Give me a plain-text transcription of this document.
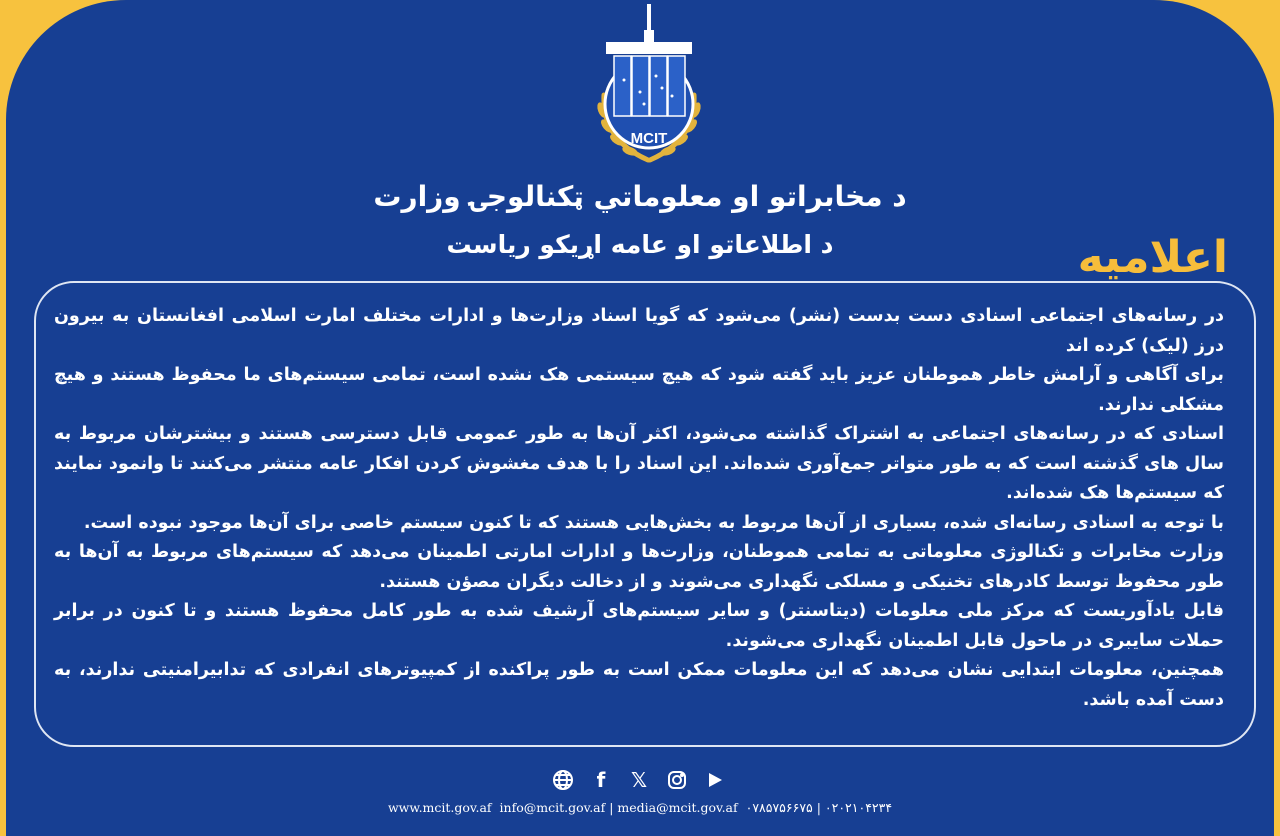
MCIT
د مخابراتو او معلوماتي ټکنالوجۍ وزارت
د اطلاعاتو او عامه اړیکو ریاست	اعلامیه

در رسانه‌های اجتماعی اسنادی دست بدست (نشر) می‌شود که گویا اسناد وزارت‌ها و ادارات مختلف امارت اسلامی افغانستان به بیرون درز (لیک) کرده اند

برای آگاهی و آرامش خاطر هموطنان عزیز باید گفته شود که هیچ سیستمی هک نشده است، تمامی سیستم‌های ما محفوظ هستند و هیچ مشکلی ندارند.

اسنادی که در رسانه‌های اجتماعی به اشتراک گذاشته می‌شود، اکثر آن‌ها به طور عمومی قابل دسترسی هستند و بیشترشان مربوط به سال های گذشته است که به طور متواتر جمع‌آوری شده‌اند. این اسناد را با هدف مغشوش کردن افکار عامه منتشر می‌کنند تا وانمود نمایند که سیستم‌ها هک شده‌اند.

با توجه به اسنادی رسانه‌ای شده، بسیاری از آن‌ها مربوط به بخش‌هایی هستند که تا کنون سیستم خاصی برای آن‌ها موجود نبوده است.

وزارت مخابرات و تکنالوژی معلوماتی به تمامی هموطنان، وزارت‌ها و ادارات امارتی اطمینان می‌دهد که سیستم‌های مربوط به آن‌ها به طور محفوظ توسط کادرهای تخنیکی و مسلکی نگهداری می‌شوند و از دخالت دیگران مصؤن هستند.

قابل یادآوریست که مرکز ملی معلومات (دیتاسنتر) و سایر سیستم‌های آرشیف شده به طور کامل محفوظ هستند و تا کنون در برابر حملات سایبری در ماحول قابل اطمینان نگهداری می‌شوند.

همچنین، معلومات ابتدایی نشان می‌دهد که این معلومات ممکن است به طور پراکنده از کمپیوترهای انفرادی که تدابیرامنیتی ندارند، به دست آمده باشد.

f	𝕏
www.mcit.gov.af info@mcit.gov.af | media@mcit.gov.af ۰۷۸۵۷۵۶۶۷۵ | ۰۲۰۲۱۰۴۲۳۴
